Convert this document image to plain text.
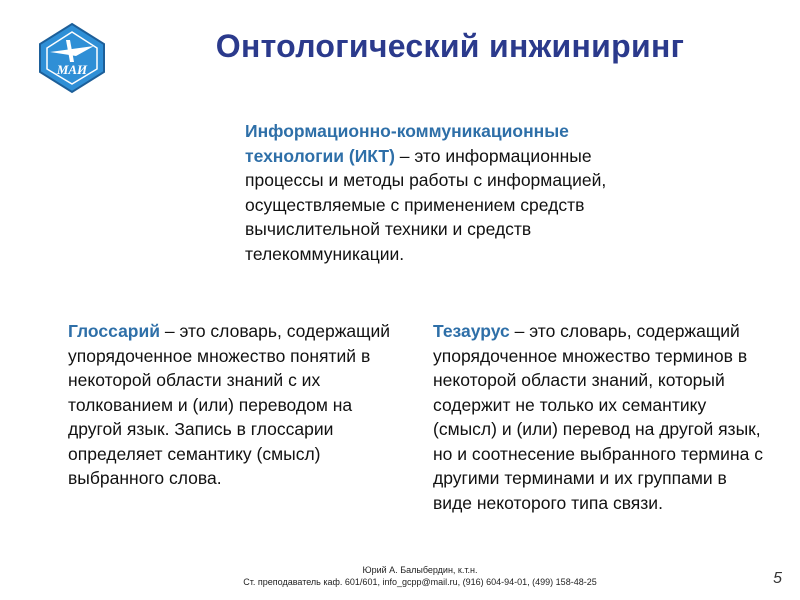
МАИ
Онтологический инжиниринг
Информационно-коммуникационные технологии (ИКТ) – это информационные процессы и методы работы с информацией, осуществляемые с применением средств вычислительной техники и средств телекоммуникации.
Глоссарий – это словарь, содержащий упорядоченное множество понятий в некоторой области знаний с их толкованием и (или) переводом на другой язык. Запись в глоссарии определяет семантику (смысл) выбранного слова.
Тезаурус – это словарь, содержащий упорядоченное множество терминов в некоторой области знаний, который содержит не только их семантику (смысл) и (или) перевод на другой язык, но и соотнесение выбранного термина с другими терминами и их группами в виде некоторого типа связи.
Юрий А. Балыбердин, к.т.н.
Ст. преподаватель каф. 601/601, info_gcpp@mail.ru, (916) 604-94-01, (499) 158-48-25	5
